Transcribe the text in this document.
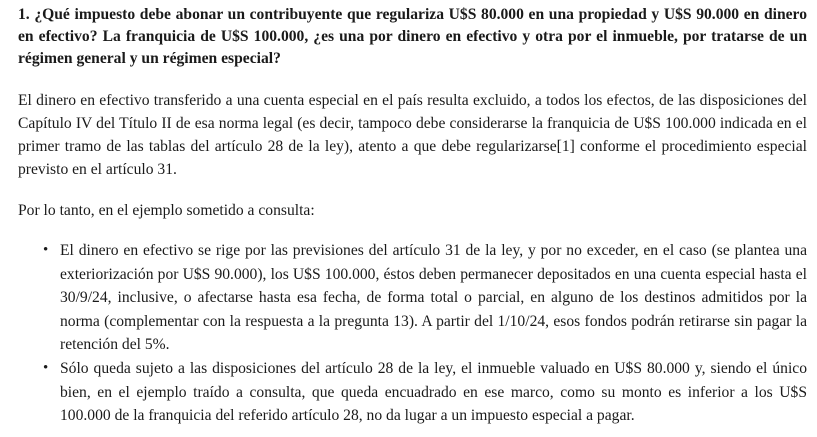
1. ¿Qué impuesto debe abonar un contribuyente que regulariza U$S 80.000 en una propiedad y U$S 90.000 en dinero en efectivo? La franquicia de U$S 100.000, ¿es una por dinero en efectivo y otra por el inmueble, por tratarse de un régimen general y un régimen especial?

El dinero en efectivo transferido a una cuenta especial en el país resulta excluido, a todos los efectos, de las disposiciones del Capítulo IV del Título II de esa norma legal (es decir, tampoco debe considerarse la franquicia de U$S 100.000 indicada en el primer tramo de las tablas del artículo 28 de la ley), atento a que debe regularizarse[1] conforme el procedimiento especial previsto en el artículo 31.

Por lo tanto, en el ejemplo sometido a consulta:

• El dinero en efectivo se rige por las previsiones del artículo 31 de la ley, y por no exceder, en el caso (se plantea una exteriorización por U$S 90.000), los U$S 100.000, éstos deben permanecer depositados en una cuenta especial hasta el 30/9/24, inclusive, o afectarse hasta esa fecha, de forma total o parcial, en alguno de los destinos admitidos por la norma (complementar con la respuesta a la pregunta 13). A partir del 1/10/24, esos fondos podrán retirarse sin pagar la retención del 5%.
• Sólo queda sujeto a las disposiciones del artículo 28 de la ley, el inmueble valuado en U$S 80.000 y, siendo el único bien, en el ejemplo traído a consulta, que queda encuadrado en ese marco, como su monto es inferior a los U$S 100.000 de la franquicia del referido artículo 28, no da lugar a un impuesto especial a pagar.
